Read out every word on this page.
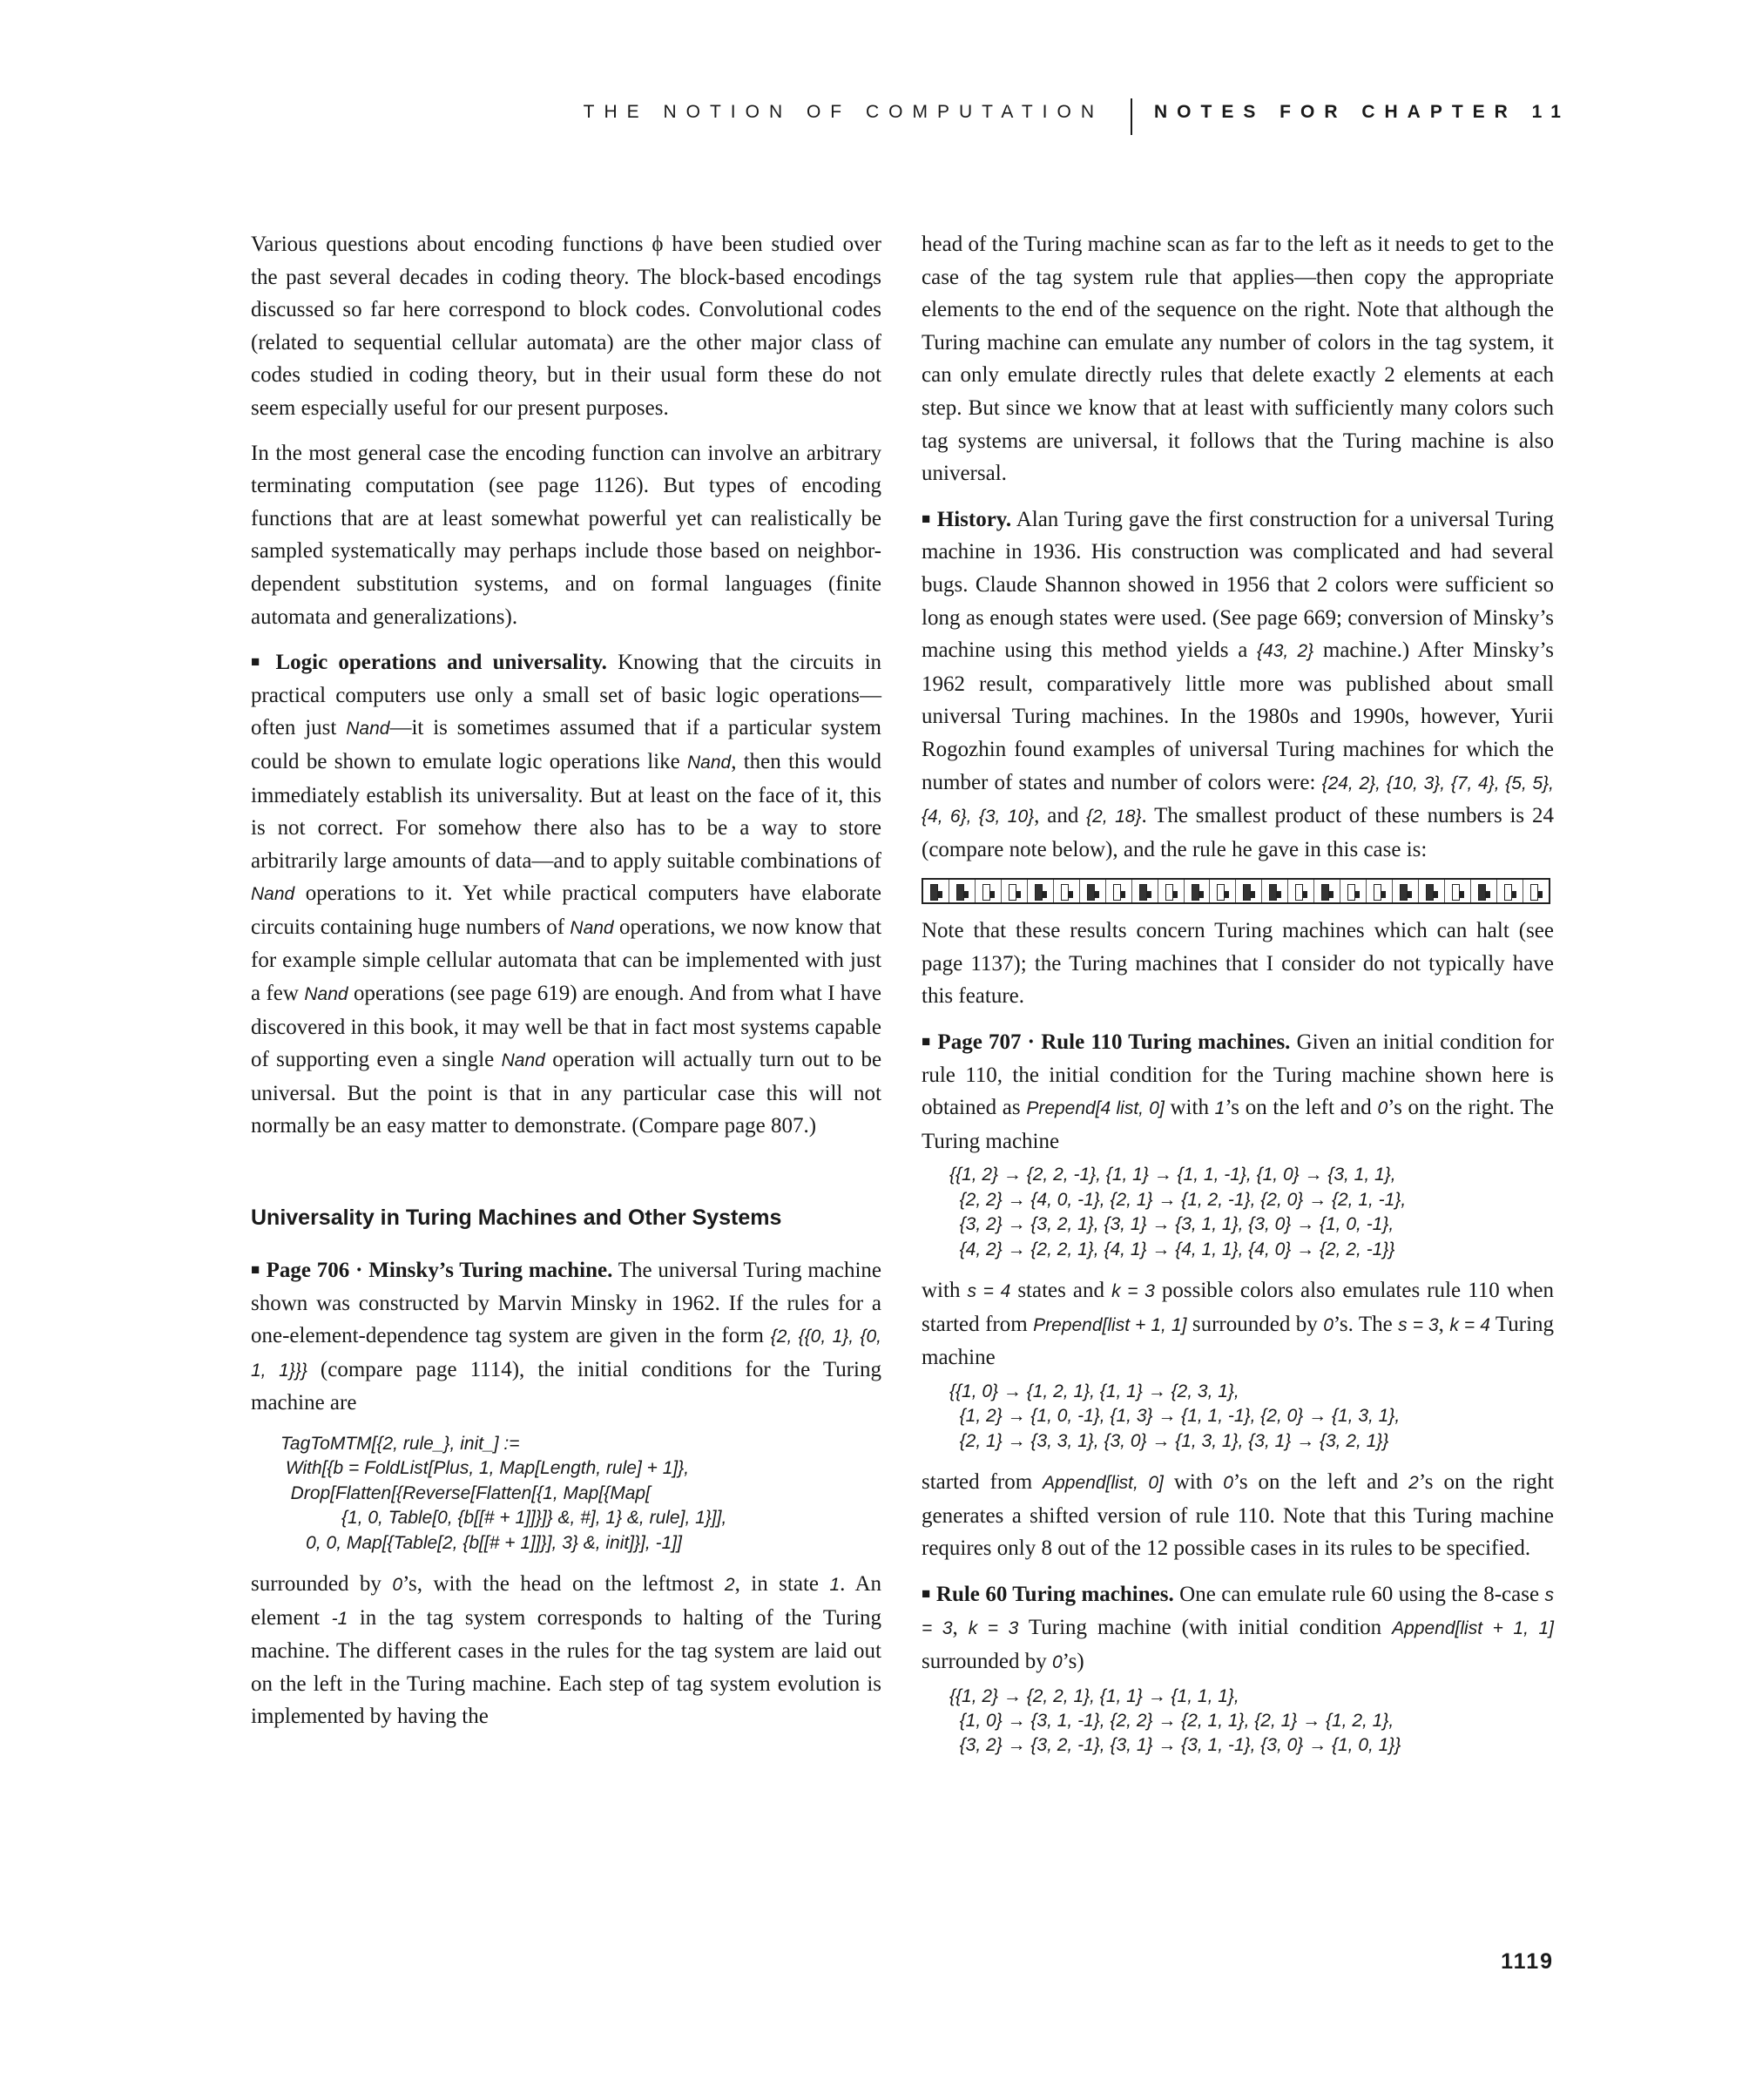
THE NOTION OF COMPUTATION	NOTES FOR CHAPTER 11

Various questions about encoding functions ϕ have been studied over the past several decades in coding theory. The block-based encodings discussed so far here correspond to block codes. Convolutional codes (related to sequential cellular automata) are the other major class of codes studied in coding theory, but in their usual form these do not seem especially useful for our present purposes.

In the most general case the encoding function can involve an arbitrary terminating computation (see page 1126). But types of encoding functions that are at least somewhat powerful yet can realistically be sampled systematically may perhaps include those based on neighbor-dependent substitution systems, and on formal languages (finite automata and generalizations).

■ Logic operations and universality. Knowing that the circuits in practical computers use only a small set of basic logic operations—often just Nand—it is sometimes assumed that if a particular system could be shown to emulate logic operations like Nand, then this would immediately establish its universality. But at least on the face of it, this is not correct. For somehow there also has to be a way to store arbitrarily large amounts of data—and to apply suitable combinations of Nand operations to it. Yet while practical computers have elaborate circuits containing huge numbers of Nand operations, we now know that for example simple cellular automata that can be implemented with just a few Nand operations (see page 619) are enough. And from what I have discovered in this book, it may well be that in fact most systems capable of supporting even a single Nand operation will actually turn out to be universal. But the point is that in any particular case this will not normally be an easy matter to demonstrate. (Compare page 807.)

Universality in Turing Machines and Other Systems

■ Page 706 · Minsky’s Turing machine. The universal Turing machine shown was constructed by Marvin Minsky in 1962. If the rules for a one-element-dependence tag system are given in the form {2, {{0, 1}, {0, 1, 1}}} (compare page 1114), the initial conditions for the Turing machine are

TagToMTM[{2, rule_}, init_] :=
With[{b = FoldList[Plus, 1, Map[Length, rule] + 1]},
Drop[Flatten[{Reverse[Flatten[{1, Map[{Map[
{1, 0, Table[0, {b[[# + 1]]}]} &, #], 1} &, rule], 1}]],
0, 0, Map[{Table[2, {b[[# + 1]]}], 3} &, init]}], -1]]

surrounded by 0’s, with the head on the leftmost 2, in state 1. An element -1 in the tag system corresponds to halting of the Turing machine. The different cases in the rules for the tag system are laid out on the left in the Turing machine. Each step of tag system evolution is implemented by having the

head of the Turing machine scan as far to the left as it needs to get to the case of the tag system rule that applies—then copy the appropriate elements to the end of the sequence on the right. Note that although the Turing machine can emulate any number of colors in the tag system, it can only emulate directly rules that delete exactly 2 elements at each step. But since we know that at least with sufficiently many colors such tag systems are universal, it follows that the Turing machine is also universal.

■ History. Alan Turing gave the first construction for a universal Turing machine in 1936. His construction was complicated and had several bugs. Claude Shannon showed in 1956 that 2 colors were sufficient so long as enough states were used. (See page 669; conversion of Minsky’s machine using this method yields a {43, 2} machine.) After Minsky’s 1962 result, comparatively little more was published about small universal Turing machines. In the 1980s and 1990s, however, Yurii Rogozhin found examples of universal Turing machines for which the number of states and number of colors were: {24, 2}, {10, 3}, {7, 4}, {5, 5}, {4, 6}, {3, 10}, and {2, 18}. The smallest product of these numbers is 24 (compare note below), and the rule he gave in this case is:

Note that these results concern Turing machines which can halt (see page 1137); the Turing machines that I consider do not typically have this feature.

■ Page 707 · Rule 110 Turing machines. Given an initial condition for rule 110, the initial condition for the Turing machine shown here is obtained as Prepend[4 list, 0] with 1’s on the left and 0’s on the right. The Turing machine

{{1, 2} → {2, 2, -1}, {1, 1} → {1, 1, -1}, {1, 0} → {3, 1, 1},
{2, 2} → {4, 0, -1}, {2, 1} → {1, 2, -1}, {2, 0} → {2, 1, -1},
{3, 2} → {3, 2, 1}, {3, 1} → {3, 1, 1}, {3, 0} → {1, 0, -1},
{4, 2} → {2, 2, 1}, {4, 1} → {4, 1, 1}, {4, 0} → {2, 2, -1}}

with s = 4 states and k = 3 possible colors also emulates rule 110 when started from Prepend[list + 1, 1] surrounded by 0’s. The s = 3, k = 4 Turing machine

{{1, 0} → {1, 2, 1}, {1, 1} → {2, 3, 1},
{1, 2} → {1, 0, -1}, {1, 3} → {1, 1, -1}, {2, 0} → {1, 3, 1},
{2, 1} → {3, 3, 1}, {3, 0} → {1, 3, 1}, {3, 1} → {3, 2, 1}}

started from Append[list, 0] with 0’s on the left and 2’s on the right generates a shifted version of rule 110. Note that this Turing machine requires only 8 out of the 12 possible cases in its rules to be specified.

■ Rule 60 Turing machines. One can emulate rule 60 using the 8-case s = 3, k = 3 Turing machine (with initial condition Append[list + 1, 1] surrounded by 0’s)

{{1, 2} → {2, 2, 1}, {1, 1} → {1, 1, 1},
{1, 0} → {3, 1, -1}, {2, 2} → {2, 1, 1}, {2, 1} → {1, 2, 1},
{3, 2} → {3, 2, -1}, {3, 1} → {3, 1, -1}, {3, 0} → {1, 0, 1}}
1119
